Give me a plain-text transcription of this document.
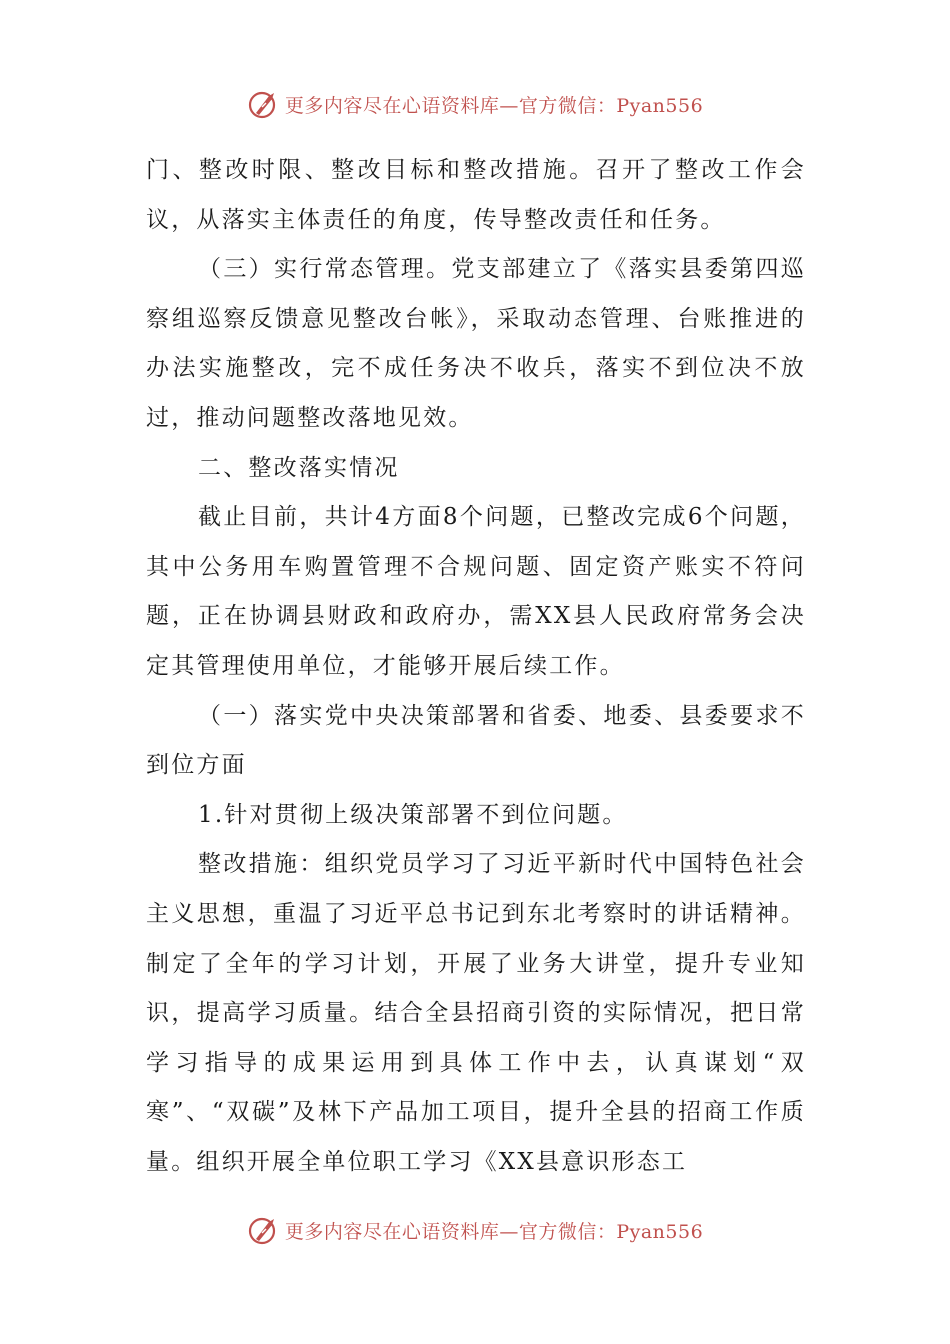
更多内容尽在心语资料库—官方微信：Pyan556

门、整改时限、整改目标和整改措施。召开了整改工作会议，从落实主体责任的角度，传导整改责任和任务。

（三）实行常态管理。党支部建立了《落实县委第四巡察组巡察反馈意见整改台帐》，采取动态管理、台账推进的办法实施整改，完不成任务决不收兵，落实不到位决不放过，推动问题整改落地见效。

二、整改落实情况

截止目前，共计4方面8个问题，已整改完成6个问题，其中公务用车购置管理不合规问题、固定资产账实不符问题，正在协调县财政和政府办，需XX县人民政府常务会决定其管理使用单位，才能够开展后续工作。

（一）落实党中央决策部署和省委、地委、县委要求不到位方面

1.针对贯彻上级决策部署不到位问题。

整改措施：组织党员学习了习近平新时代中国特色社会主义思想，重温了习近平总书记到东北考察时的讲话精神。制定了全年的学习计划，开展了业务大讲堂，提升专业知识，提高学习质量。结合全县招商引资的实际情况，把日常学习指导的成果运用到具体工作中去，认真谋划“双寒”、“双碳”及林下产品加工项目，提升全县的招商工作质量。组织开展全单位职工学习《XX县意识形态工

更多内容尽在心语资料库—官方微信：Pyan556
